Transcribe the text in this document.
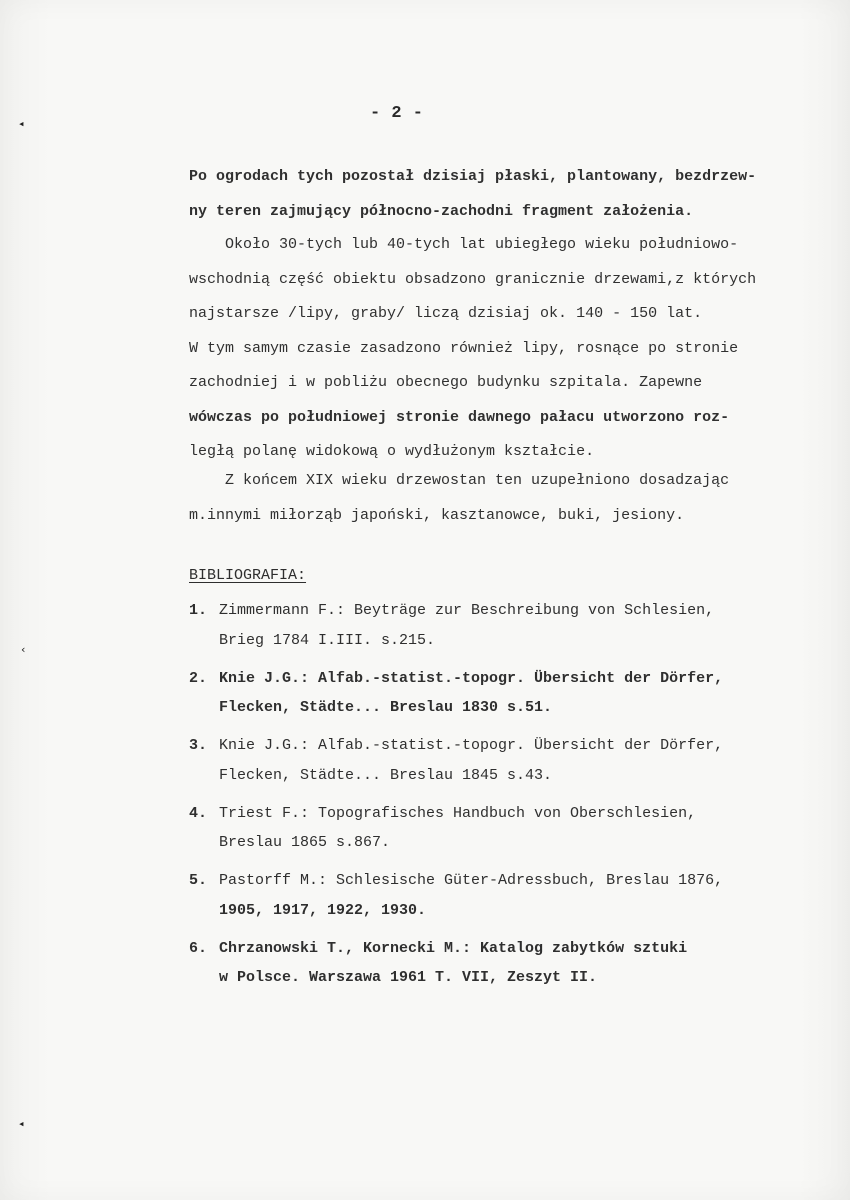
◂
‹
◂
- 2 -

Po ogrodach tych pozostał dzisiaj płaski, plantowany, bezdrzew-
ny teren zajmujący północno-zachodni fragment założenia.

Około 30-tych lub 40-tych lat ubiegłego wieku południowo-
wschodnią część obiektu obsadzono granicznie drzewami,z których
najstarsze /lipy, graby/ liczą dzisiaj ok. 140 - 150 lat.
W tym samym czasie zasadzono również lipy, rosnące po stronie
zachodniej i w pobliżu obecnego budynku szpitala. Zapewne
wówczas po południowej stronie dawnego pałacu utworzono roz-
ległą polanę widokową o wydłużonym kształcie.

Z końcem XIX wieku drzewostan ten uzupełniono dosadzając
m.innymi miłorząb japoński, kasztanowce, buki, jesiony.

BIBLIOGRAFIA:
1. Zimmermann F.: Beyträge zur Beschreibung von Schlesien,
Brieg 1784 I.III. s.215.
2. Knie J.G.: Alfab.-statist.-topogr. Übersicht der Dörfer,
Flecken, Städte... Breslau 1830 s.51.
3. Knie J.G.: Alfab.-statist.-topogr. Übersicht der Dörfer,
Flecken, Städte... Breslau 1845 s.43.
4. Triest F.: Topografisches Handbuch von Oberschlesien,
Breslau 1865 s.867.
5. Pastorff M.: Schlesische Güter-Adressbuch, Breslau 1876,
1905, 1917, 1922, 1930.
6. Chrzanowski T., Kornecki M.: Katalog zabytków sztuki
w Polsce. Warszawa 1961 T. VII, Zeszyt II.
